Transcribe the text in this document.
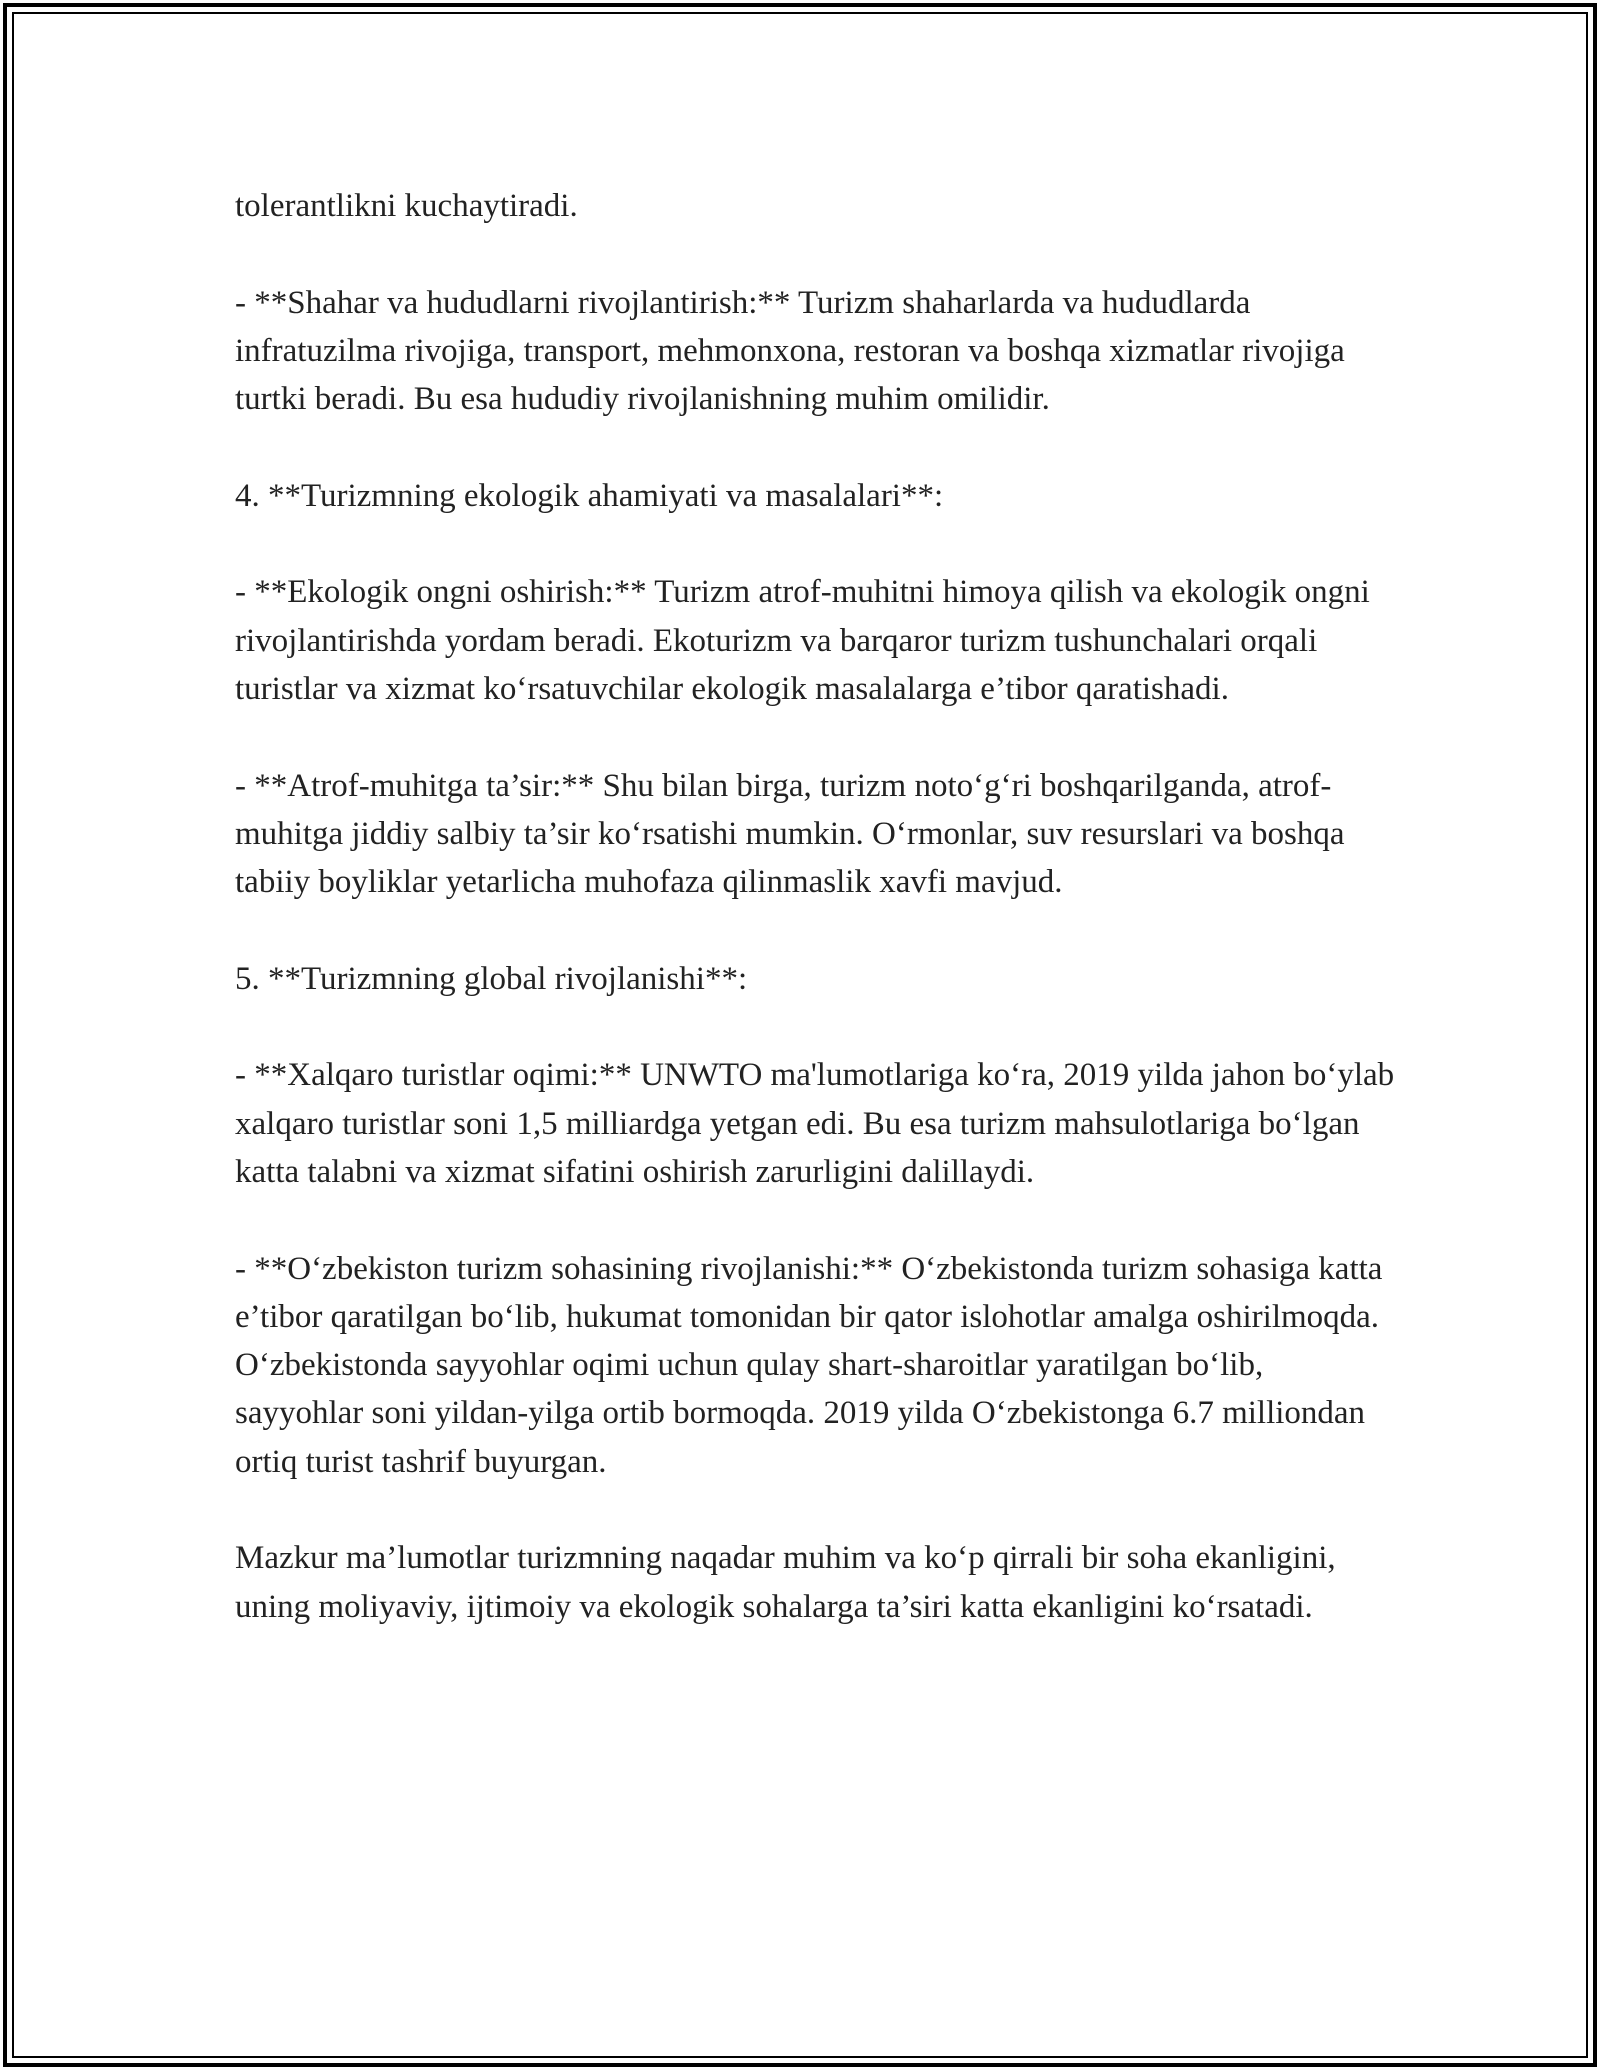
tolerantlikni kuchaytiradi.

- **Shahar va hududlarni rivojlantirish:** Turizm shaharlarda va hududlarda infratuzilma rivojiga, transport, mehmonxona, restoran va boshqa xizmatlar rivojiga turtki beradi. Bu esa hududiy rivojlanishning muhim omilidir.

4. **Turizmning ekologik ahamiyati va masalalari**:

- **Ekologik ongni oshirish:** Turizm atrof-muhitni himoya qilish va ekologik ongni rivojlantirishda yordam beradi. Ekoturizm va barqaror turizm tushunchalari orqali turistlar va xizmat ko‘rsatuvchilar ekologik masalalarga e’tibor qaratishadi.

- **Atrof-muhitga ta’sir:** Shu bilan birga, turizm noto‘g‘ri boshqarilganda, atrof-muhitga jiddiy salbiy ta’sir ko‘rsatishi mumkin. O‘rmonlar, suv resurslari va boshqa tabiiy boyliklar yetarlicha muhofaza qilinmaslik xavfi mavjud.

5. **Turizmning global rivojlanishi**:

- **Xalqaro turistlar oqimi:** UNWTO ma'lumotlariga ko‘ra, 2019 yilda jahon bo‘ylab xalqaro turistlar soni 1,5 milliardga yetgan edi. Bu esa turizm mahsulotlariga bo‘lgan katta talabni va xizmat sifatini oshirish zarurligini dalillaydi.

- **O‘zbekiston turizm sohasining rivojlanishi:** O‘zbekistonda turizm sohasiga katta e’tibor qaratilgan bo‘lib, hukumat tomonidan bir qator islohotlar amalga oshirilmoqda. O‘zbekistonda sayyohlar oqimi uchun qulay shart-sharoitlar yaratilgan bo‘lib, sayyohlar soni yildan-yilga ortib bormoqda. 2019 yilda O‘zbekistonga 6.7 milliondan ortiq turist tashrif buyurgan.

Mazkur ma’lumotlar turizmning naqadar muhim va ko‘p qirrali bir soha ekanligini, uning moliyaviy, ijtimoiy va ekologik sohalarga ta’siri katta ekanligini ko‘rsatadi.
